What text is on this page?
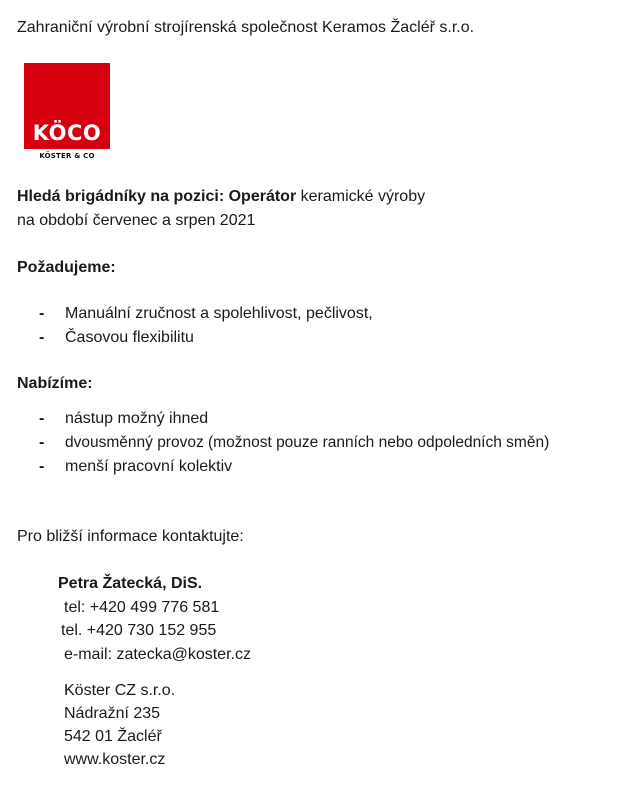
Zahraniční výrobní strojírenská společnost Keramos Žacléř s.r.o.
KÖCO
KÖSTER & CO
Hledá brigádníky na pozici: Operátor keramické výroby
na období červenec a srpen 2021
Požadujeme:
- Manuální zručnost a spolehlivost, pečlivost,
- Časovou flexibilitu
Nabízíme:
- nástup možný ihned
- dvousměnný provoz (možnost pouze ranních nebo odpoledních směn)
- menší pracovní kolektiv
Pro bližší informace kontaktujte:
Petra Žatecká, DiS.
tel: +420 499 776 581
tel. +420 730 152 955
e-mail: zatecka@koster.cz
Köster CZ s.r.o.
Nádražní 235
542 01 Žacléř
www.koster.cz
